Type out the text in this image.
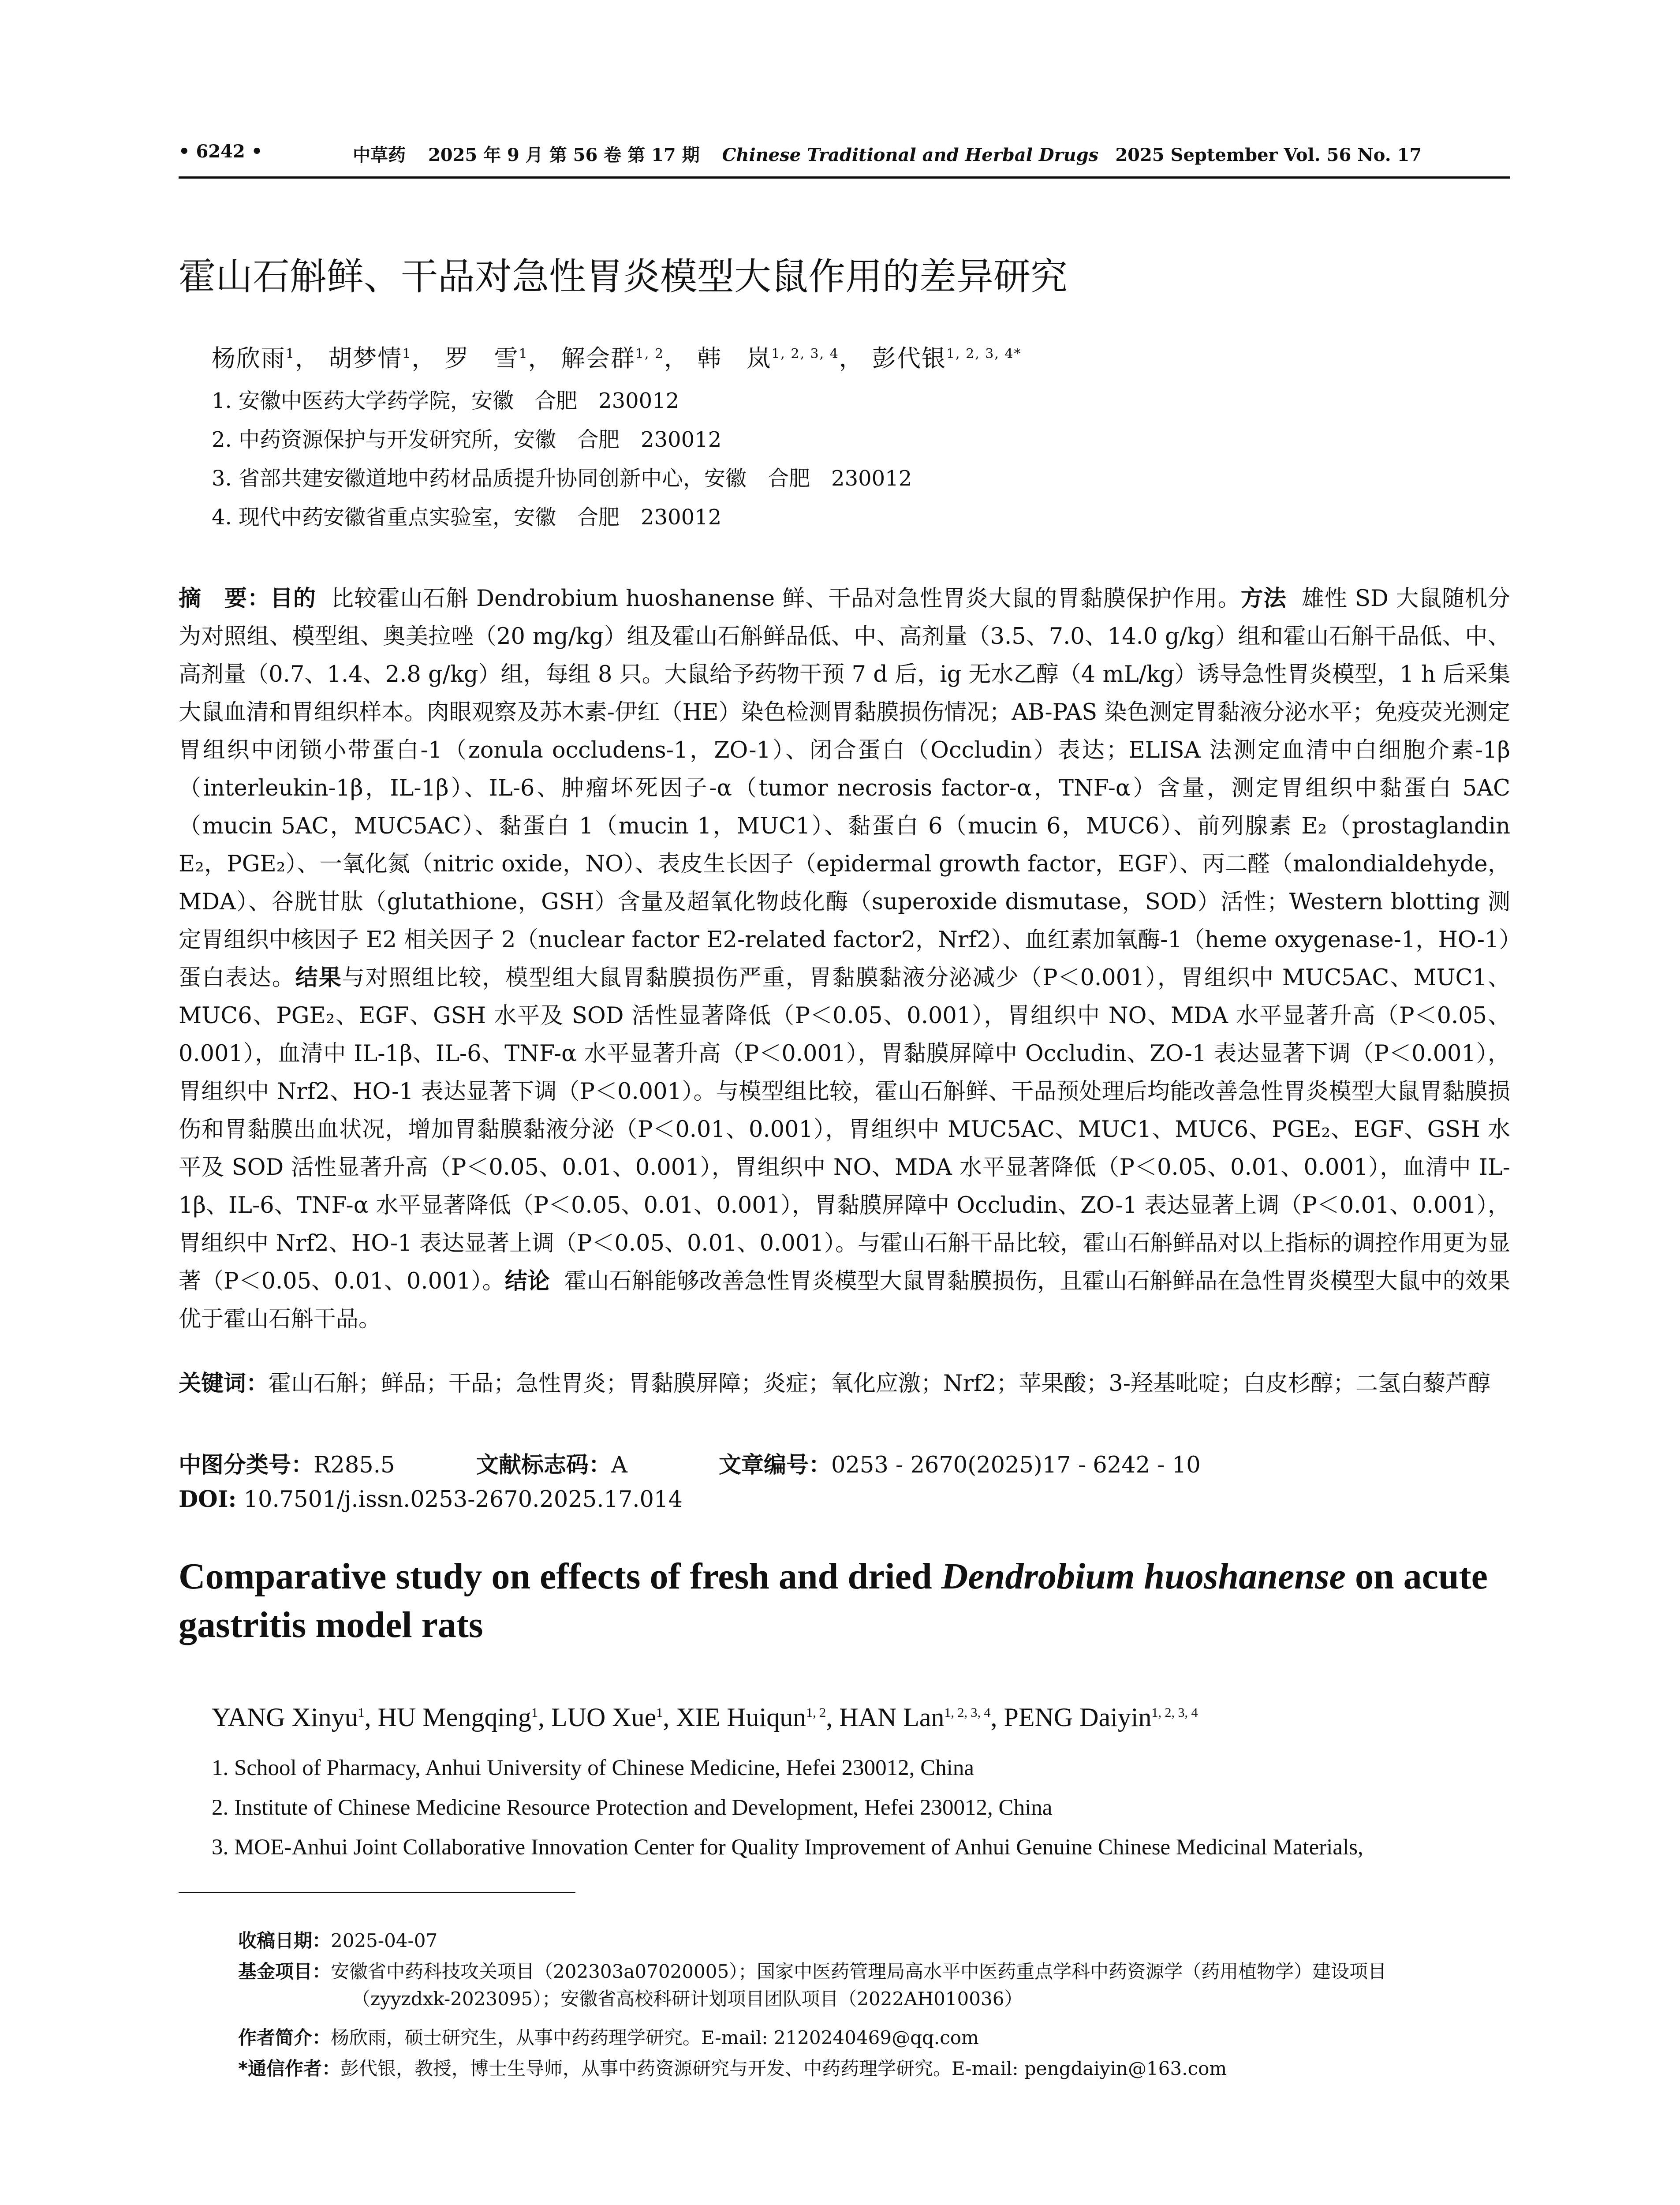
• 6242 •	中草药 2025 年 9 月 第 56 卷 第 17 期 Chinese Traditional and Herbal Drugs 2025 September Vol. 56 No. 17
霍山石斛鲜、干品对急性胃炎模型大鼠作用的差异研究
杨欣雨$^1$， 胡梦情$^1$， 罗　雪$^1$， 解会群$^{1, 2}$， 韩　岚$^{1, 2, 3, 4}$， 彭代银$^{1, 2, 3, 4*}$
1. 安徽中医药大学药学院，安徽　合肥　230012
2. 中药资源保护与开发研究所，安徽　合肥　230012
3. 省部共建安徽道地中药材品质提升协同创新中心，安徽　合肥　230012
4. 现代中药安徽省重点实验室，安徽　合肥　230012
摘　要：目的 比较霍山石斛 Dendrobium huoshanense 鲜、干品对急性胃炎大鼠的胃黏膜保护作用。方法 雄性 SD 大鼠随机分为对照组、模型组、奥美拉唑（20 mg/kg）组及霍山石斛鲜品低、中、高剂量（3.5、7.0、14.0 g/kg）组和霍山石斛干品低、中、高剂量（0.7、1.4、2.8 g/kg）组，每组 8 只。大鼠给予药物干预 7 d 后，ig 无水乙醇（4 mL/kg）诱导急性胃炎模型，1 h 后采集大鼠血清和胃组织样本。肉眼观察及苏木素-伊红（HE）染色检测胃黏膜损伤情况；AB-PAS 染色测定胃黏液分泌水平；免疫荧光测定胃组织中闭锁小带蛋白-1（zonula occludens-1，ZO-1）、闭合蛋白（Occludin）表达；ELISA 法测定血清中白细胞介素-1β（interleukin-1β，IL-1β）、IL-6、肿瘤坏死因子-α（tumor necrosis factor-α，TNF-α）含量，测定胃组织中黏蛋白 5AC（mucin 5AC，MUC5AC）、黏蛋白 1（mucin 1，MUC1）、黏蛋白 6（mucin 6，MUC6）、前列腺素 E₂（prostaglandin E₂，PGE₂）、一氧化氮（nitric oxide，NO）、表皮生长因子（epidermal growth factor，EGF）、丙二醛（malondialdehyde，MDA）、谷胱甘肽（glutathione，GSH）含量及超氧化物歧化酶（superoxide dismutase，SOD）活性；Western blotting 测定胃组织中核因子 E2 相关因子 2（nuclear factor E2-related factor2，Nrf2）、血红素加氧酶-1（heme oxygenase-1，HO-1）蛋白表达。结果与对照组比较，模型组大鼠胃黏膜损伤严重，胃黏膜黏液分泌减少（P＜0.001），胃组织中 MUC5AC、MUC1、MUC6、PGE₂、EGF、GSH 水平及 SOD 活性显著降低（P＜0.05、0.001），胃组织中 NO、MDA 水平显著升高（P＜0.05、0.001），血清中 IL-1β、IL-6、TNF-α 水平显著升高（P＜0.001），胃黏膜屏障中 Occludin、ZO-1 表达显著下调（P＜0.001），胃组织中 Nrf2、HO-1 表达显著下调（P＜0.001）。与模型组比较，霍山石斛鲜、干品预处理后均能改善急性胃炎模型大鼠胃黏膜损伤和胃黏膜出血状况，增加胃黏膜黏液分泌（P＜0.01、0.001），胃组织中 MUC5AC、MUC1、MUC6、PGE₂、EGF、GSH 水平及 SOD 活性显著升高（P＜0.05、0.01、0.001），胃组织中 NO、MDA 水平显著降低（P＜0.05、0.01、0.001），血清中 IL-1β、IL-6、TNF-α 水平显著降低（P＜0.05、0.01、0.001），胃黏膜屏障中 Occludin、ZO-1 表达显著上调（P＜0.01、0.001），胃组织中 Nrf2、HO-1 表达显著上调（P＜0.05、0.01、0.001）。与霍山石斛干品比较，霍山石斛鲜品对以上指标的调控作用更为显著（P＜0.05、0.01、0.001）。结论 霍山石斛能够改善急性胃炎模型大鼠胃黏膜损伤，且霍山石斛鲜品在急性胃炎模型大鼠中的效果优于霍山石斛干品。
关键词：霍山石斛；鲜品；干品；急性胃炎；胃黏膜屏障；炎症；氧化应激；Nrf2；苹果酸；3-羟基吡啶；白皮杉醇；二氢白藜芦醇
中图分类号：R285.5	文献标志码：A	文章编号：0253 - 2670(2025)17 - 6242 - 10
DOI: 10.7501/j.issn.0253-2670.2025.17.014
Comparative study on effects of fresh and dried Dendrobium huoshanense on acute gastritis model rats
YANG Xinyu$^1$, HU Mengqing$^1$, LUO Xue$^1$, XIE Huiqun$^{1, 2}$, HAN Lan$^{1, 2, 3, 4}$, PENG Daiyin$^{1, 2, 3, 4}$
1. School of Pharmacy, Anhui University of Chinese Medicine, Hefei 230012, China
2. Institute of Chinese Medicine Resource Protection and Development, Hefei 230012, China
3. MOE-Anhui Joint Collaborative Innovation Center for Quality Improvement of Anhui Genuine Chinese Medicinal Materials,
收稿日期：2025-04-07
基金项目：安徽省中药科技攻关项目（202303a07020005）；国家中医药管理局高水平中医药重点学科中药资源学（药用植物学）建设项目
（zyyzdxk-2023095）；安徽省高校科研计划项目团队项目（2022AH010036）
作者简介：杨欣雨，硕士研究生，从事中药药理学研究。E-mail: 2120240469@qq.com
*通信作者：彭代银，教授，博士生导师，从事中药资源研究与开发、中药药理学研究。E-mail: pengdaiyin@163.com
